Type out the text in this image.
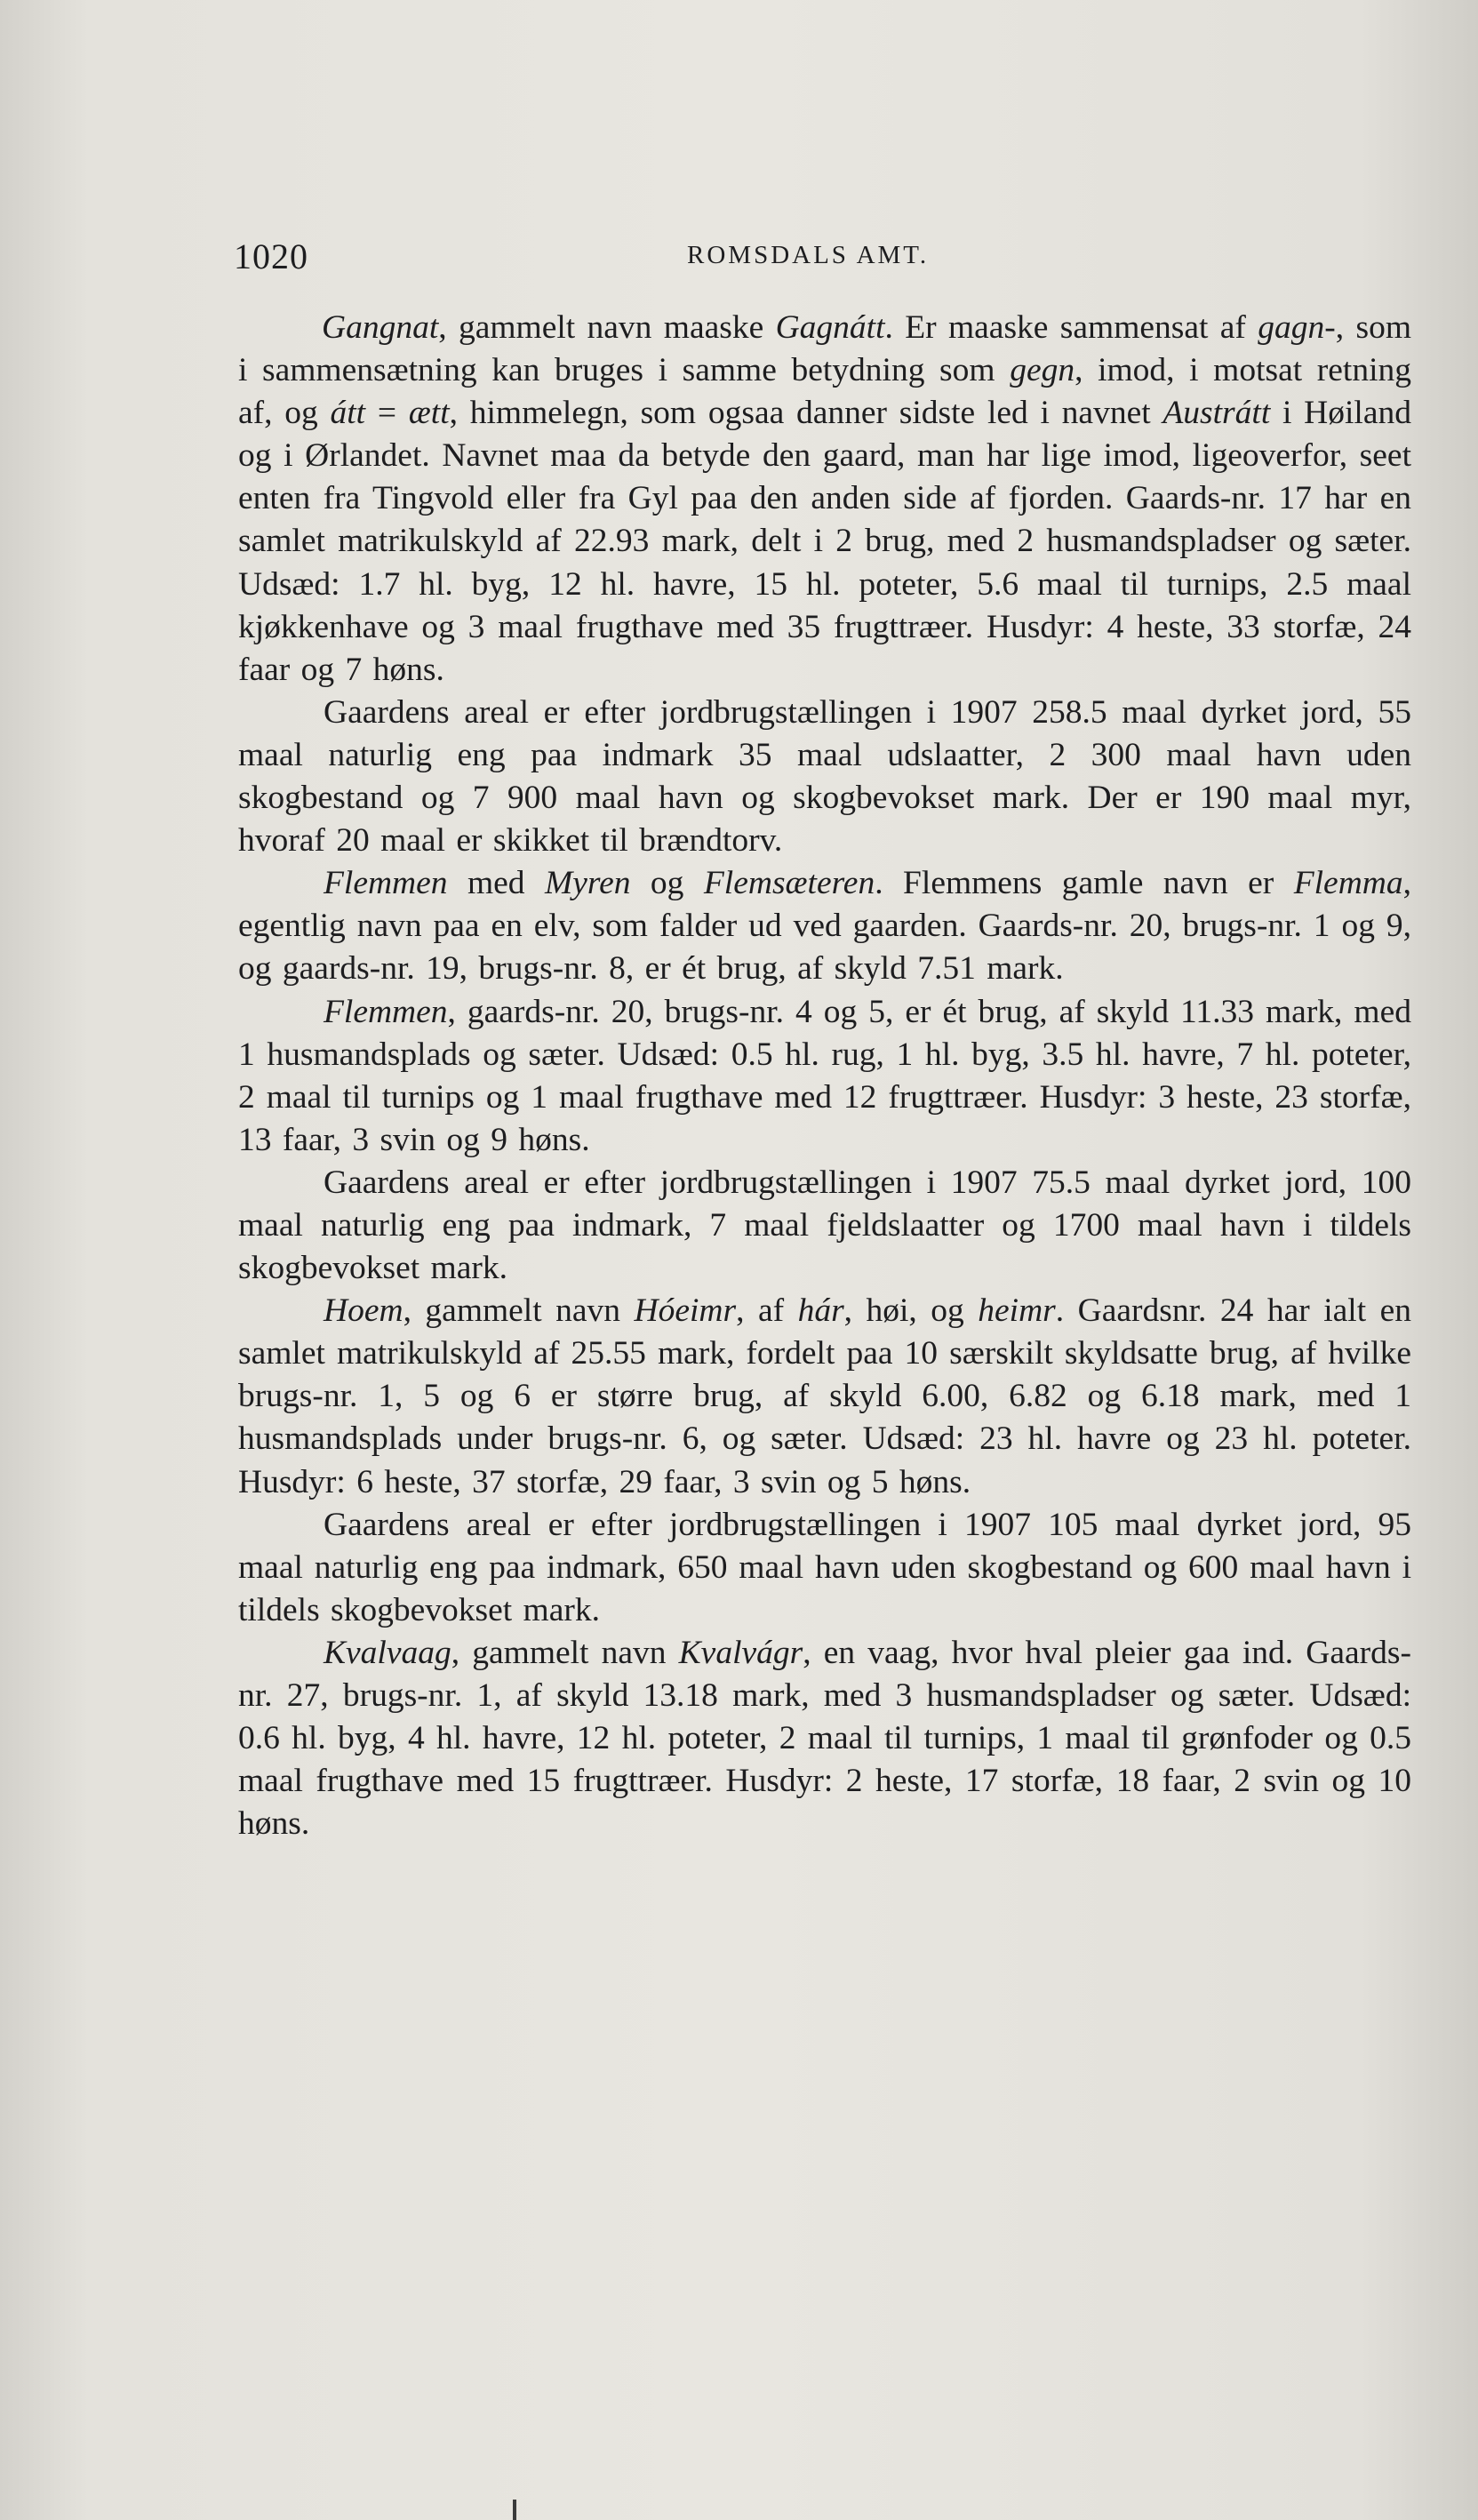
1020	ROMSDALS AMT.

Gangnat, gammelt navn maaske Gagnátt. Er maaske sammensat af gagn-, som i sammensætning kan bruges i samme betydning som gegn, imod, i motsat retning af, og átt = ætt, himmelegn, som ogsaa danner sidste led i navnet Austrátt i Høiland og i Ørlandet. Navnet maa da betyde den gaard, man har lige imod, ligeoverfor, seet enten fra Tingvold eller fra Gyl paa den anden side af fjorden. Gaards-nr. 17 har en samlet matrikulskyld af 22.93 mark, delt i 2 brug, med 2 husmandspladser og sæter. Udsæd: 1.7 hl. byg, 12 hl. havre, 15 hl. poteter, 5.6 maal til turnips, 2.5 maal kjøkkenhave og 3 maal frugthave med 35 frugttræer. Husdyr: 4 heste, 33 storfæ, 24 faar og 7 høns.

Gaardens areal er efter jordbrugstællingen i 1907 258.5 maal dyrket jord, 55 maal naturlig eng paa indmark 35 maal udslaatter, 2 300 maal havn uden skogbestand og 7 900 maal havn og skogbevokset mark. Der er 190 maal myr, hvoraf 20 maal er skikket til brændtorv.

Flemmen med Myren og Flemsæteren. Flemmens gamle navn er Flemma, egentlig navn paa en elv, som falder ud ved gaarden. Gaards-nr. 20, brugs-nr. 1 og 9, og gaards-nr. 19, brugs-nr. 8, er ét brug, af skyld 7.51 mark.

Flemmen, gaards-nr. 20, brugs-nr. 4 og 5, er ét brug, af skyld 11.33 mark, med 1 husmandsplads og sæter. Udsæd: 0.5 hl. rug, 1 hl. byg, 3.5 hl. havre, 7 hl. poteter, 2 maal til turnips og 1 maal frugthave med 12 frugttræer. Husdyr: 3 heste, 23 storfæ, 13 faar, 3 svin og 9 høns.

Gaardens areal er efter jordbrugstællingen i 1907 75.5 maal dyrket jord, 100 maal naturlig eng paa indmark, 7 maal fjeldslaatter og 1700 maal havn i tildels skogbevokset mark.

Hoem, gammelt navn Hóeimr, af hár, høi, og heimr. Gaardsnr. 24 har ialt en samlet matrikulskyld af 25.55 mark, fordelt paa 10 særskilt skyldsatte brug, af hvilke brugs-nr. 1, 5 og 6 er større brug, af skyld 6.00, 6.82 og 6.18 mark, med 1 husmandsplads under brugs-nr. 6, og sæter. Udsæd: 23 hl. havre og 23 hl. poteter. Husdyr: 6 heste, 37 storfæ, 29 faar, 3 svin og 5 høns.

Gaardens areal er efter jordbrugstællingen i 1907 105 maal dyrket jord, 95 maal naturlig eng paa indmark, 650 maal havn uden skogbestand og 600 maal havn i tildels skogbevokset mark.

Kvalvaag, gammelt navn Kvalvágr, en vaag, hvor hval pleier gaa ind. Gaards-nr. 27, brugs-nr. 1, af skyld 13.18 mark, med 3 husmandspladser og sæter. Udsæd: 0.6 hl. byg, 4 hl. havre, 12 hl. poteter, 2 maal til turnips, 1 maal til grønfoder og 0.5 maal frugthave med 15 frugttræer. Husdyr: 2 heste, 17 storfæ, 18 faar, 2 svin og 10 høns.
